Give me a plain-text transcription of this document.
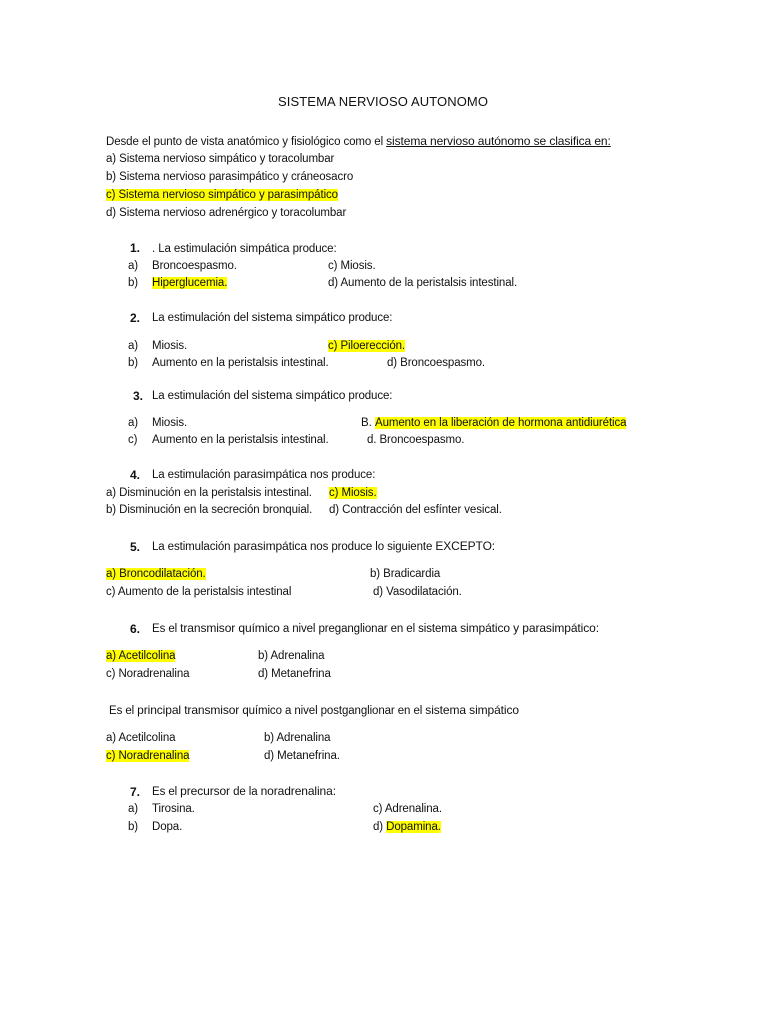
SISTEMA NERVIOSO AUTONOMO
Desde el punto de vista anatómico y fisiológico como el sistema nervioso autónomo se clasifica en:
a) Sistema nervioso simpático y toracolumbar
b) Sistema nervioso parasimpático y cráneosacro
c) Sistema nervioso simpático y parasimpático
d) Sistema nervioso adrenérgico y toracolumbar
1. . La estimulación simpática produce:
a) Broncoespasmo.	c) Miosis.
b) Hiperglucemia.	d) Aumento de la peristalsis intestinal.
2. La estimulación del sistema simpático produce:
a) Miosis.	c) Piloerección.
b) Aumento en la peristalsis intestinal.	d) Broncoespasmo.
3. La estimulación del sistema simpático produce:
a) Miosis.	B. Aumento en la liberación de hormona antidiurética
c) Aumento en la peristalsis intestinal.	d. Broncoespasmo.
4. La estimulación parasimpática nos produce:
a) Disminución en la peristalsis intestinal. c) Miosis.
b) Disminución en la secreción bronquial. d) Contracción del esfínter vesical.
5. La estimulación parasimpática nos produce lo siguiente EXCEPTO:
a) Broncodilatación.	b) Bradicardia
c) Aumento de la peristalsis intestinal	d) Vasodilatación.
6. Es el transmisor químico a nivel preganglionar en el sistema simpático y parasimpático:
a) Acetilcolina	b) Adrenalina
c) Noradrenalina	d) Metanefrina
Es el principal transmisor químico a nivel postganglionar en el sistema simpático
a) Acetilcolina	b) Adrenalina
c) Noradrenalina	d) Metanefrina.
7. Es el precursor de la noradrenalina:
a) Tirosina.	c) Adrenalina.
b) Dopa.	d) Dopamina.
